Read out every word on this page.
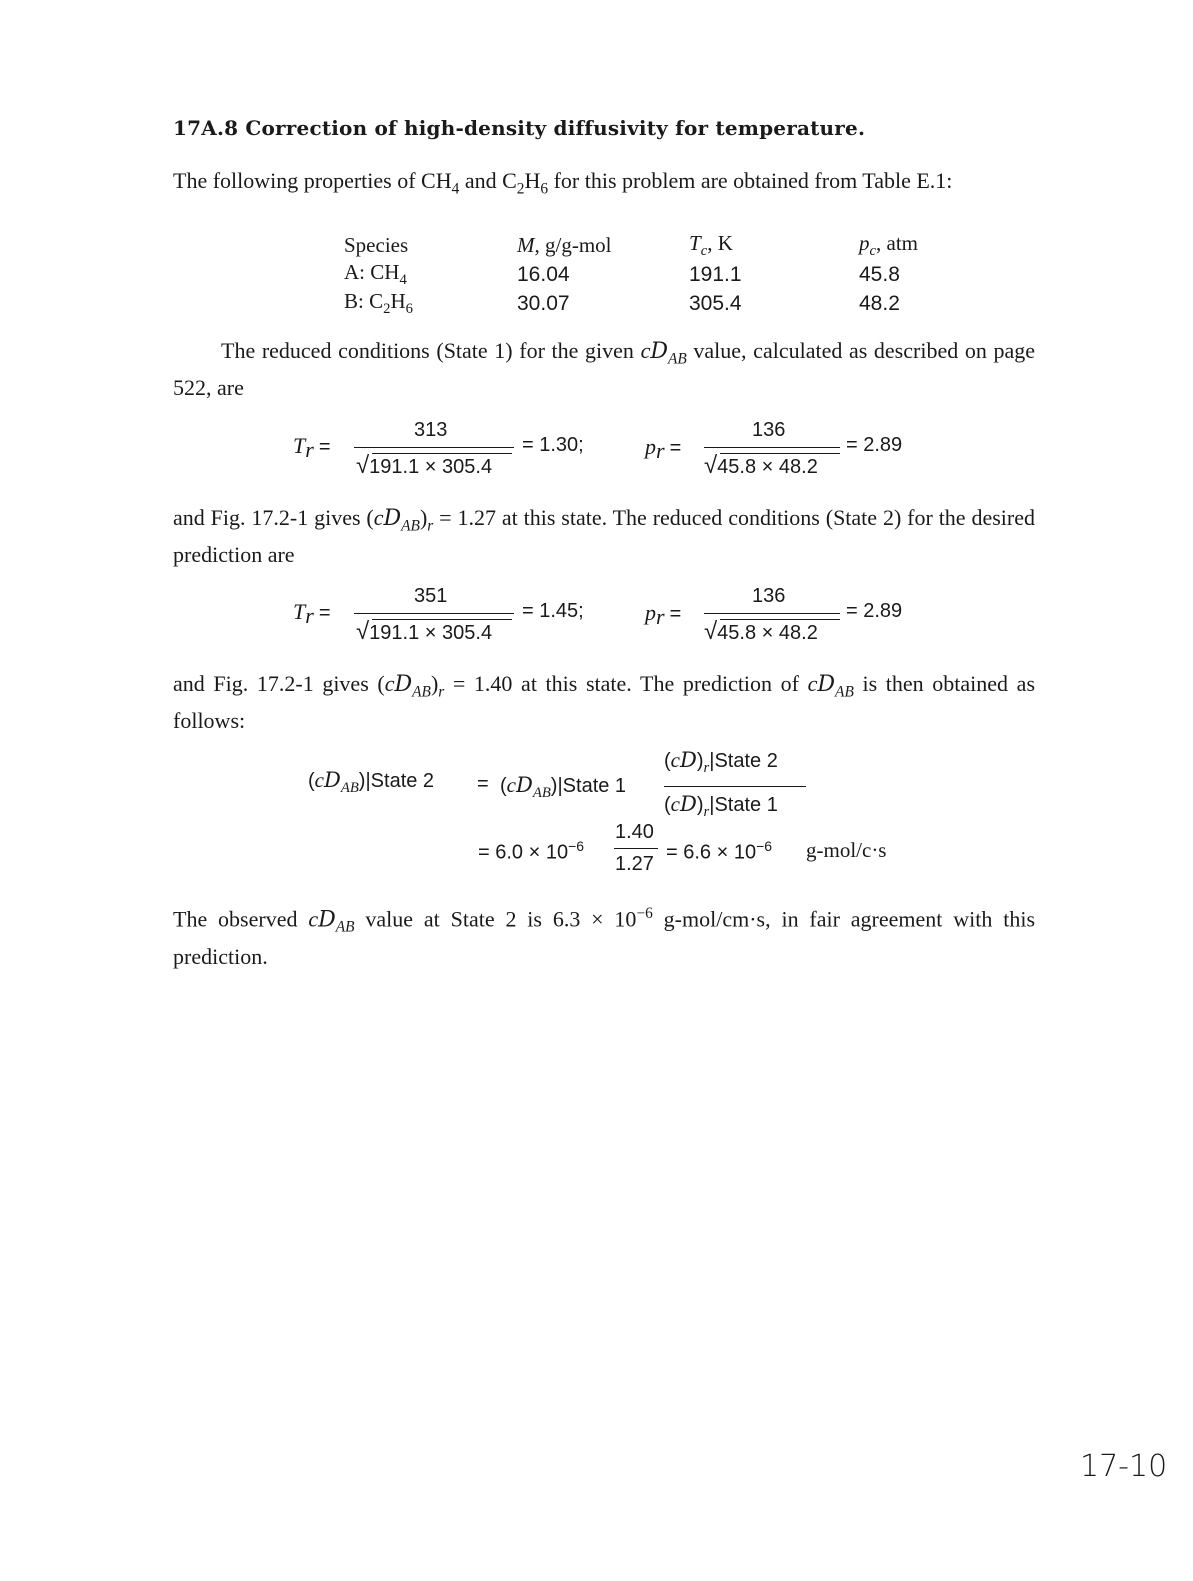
17A.8 Correction of high-density diffusivity for temperature.
The following properties of $CH_4$ and $C_2H_6$ for this problem are obtained from Table E.1:
Species	M, g/g-mol	$T_c$, K	$p_c$, atm
A: $CH_4$	16.04	191.1	45.8
B: $C_2H_6$	30.07	305.4	48.2
The reduced conditions (State 1) for the given $cD_{AB}$ value, calculated as described on page 522, are
$T_r$ =
313
√191.1 × 305.4
= 1.30;	$p_r$ =
136
√45.8 × 48.2
= 2.89
and Fig. 17.2-1 gives $(cD_{AB})_r = 1.27$ at this state. The reduced conditions (State 2) for the desired prediction are
$T_r$ =
351
√191.1 × 305.4
= 1.45;	$p_r$ =
136
√45.8 × 48.2
= 2.89
and Fig. 17.2-1 gives $(cD_{AB})_r = 1.40$ at this state. The prediction of $cD_{AB}$ is then obtained as follows:
$(cD_{AB})|State$ $2 = (cD_{AB})|State$ 1
$(cD)_r|State$ 2
$(cD)_r|State$ 1
= $6.0 \times 10^{-6}$
1.40
1.27
= $6.6 \times 10^{-6}$ g-mol/c·s
The observed $cD_{AB}$ value at State 2 is $6.3 \times 10^{-6}$ g-mol/cm·s, in fair agreement with this prediction.
17-10
